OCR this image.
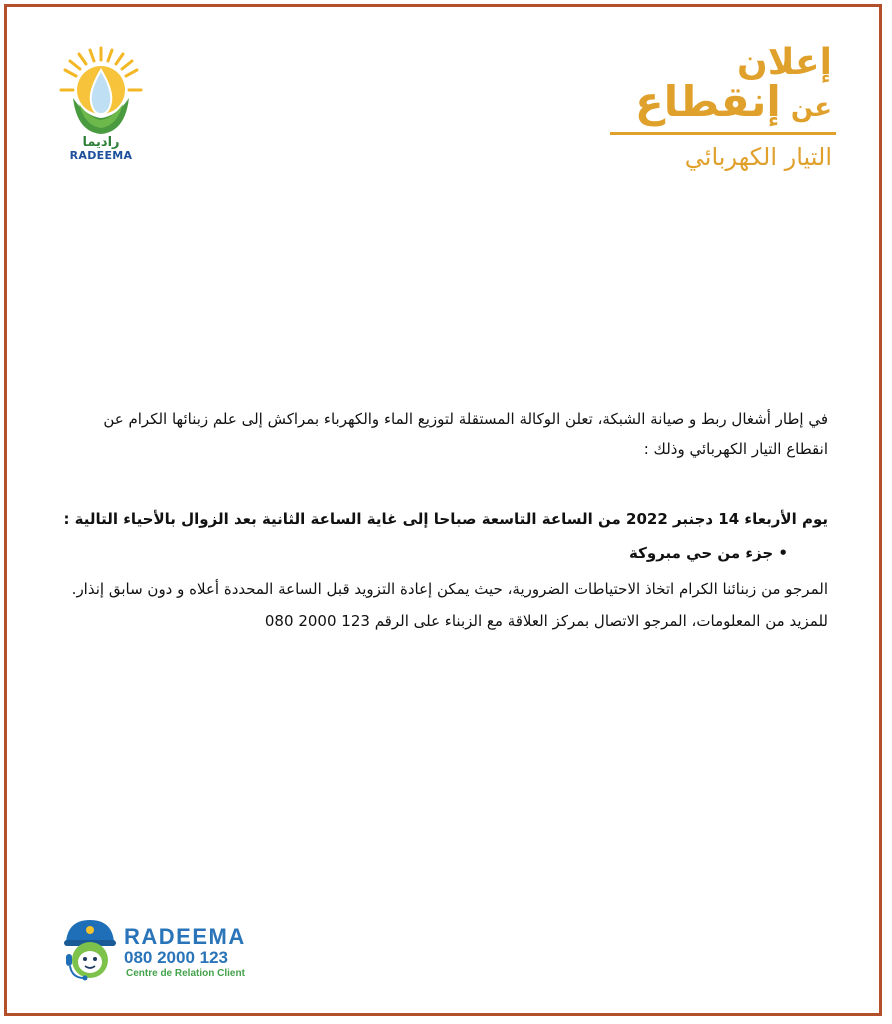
راديما
RADEEMA
إعلان
عن
إنقطاع
التيار الكهربائي

في إطار أشغال ربط و صيانة الشبكة، تعلن الوكالة المستقلة لتوزيع الماء والكهرباء بمراكش إلى علم زبنائها الكرام عن انقطاع التيار الكهربائي وذلك :

يوم الأربعاء 14 دجنبر 2022 من الساعة التاسعة صباحا إلى غاية الساعة الثانية بعد الزوال بالأحياء التالية :
• جزء من حي مبروكة
المرجو من زبنائنا الكرام اتخاذ الاحتياطات الضرورية، حيث يمكن إعادة التزويد قبل الساعة المحددة أعلاه و دون سابق إنذار.
للمزيد من المعلومات، المرجو الاتصال بمركز العلاقة مع الزبناء على الرقم 123 2000 080
RADEEMA
080 2000 123
Centre de Relation Client
